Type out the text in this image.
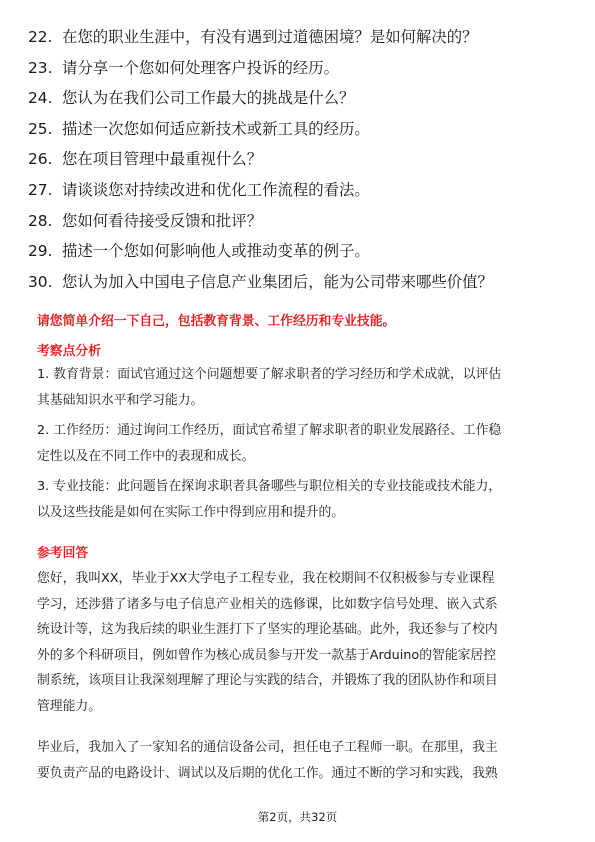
22. 在您的职业生涯中，有没有遇到过道德困境？是如何解决的？
23. 请分享一个您如何处理客户投诉的经历。
24. 您认为在我们公司工作最大的挑战是什么？
25. 描述一次您如何适应新技术或新工具的经历。
26. 您在项目管理中最重视什么？
27. 请谈谈您对持续改进和优化工作流程的看法。
28. 您如何看待接受反馈和批评？
29. 描述一个您如何影响他人或推动变革的例子。
30. 您认为加入中国电子信息产业集团后，能为公司带来哪些价值？
请您简单介绍一下自己，包括教育背景、工作经历和专业技能。
考察点分析
1. 教育背景：面试官通过这个问题想要了解求职者的学习经历和学术成就，以评估
其基础知识水平和学习能力。
2. 工作经历：通过询问工作经历，面试官希望了解求职者的职业发展路径、工作稳
定性以及在不同工作中的表现和成长。
3. 专业技能：此问题旨在探询求职者具备哪些与职位相关的专业技能或技术能力，
以及这些技能是如何在实际工作中得到应用和提升的。
参考回答
您好，我叫XX，毕业于XX大学电子工程专业，我在校期间不仅积极参与专业课程
学习，还涉猎了诸多与电子信息产业相关的选修课，比如数字信号处理、嵌入式系
统设计等，这为我后续的职业生涯打下了坚实的理论基础。此外，我还参与了校内
外的多个科研项目，例如曾作为核心成员参与开发一款基于Arduino的智能家居控
制系统，该项目让我深刻理解了理论与实践的结合，并锻炼了我的团队协作和项目
管理能力。
毕业后，我加入了一家知名的通信设备公司，担任电子工程师一职。在那里，我主
要负责产品的电路设计、调试以及后期的优化工作。通过不断的学习和实践，我熟
第2页，共32页
